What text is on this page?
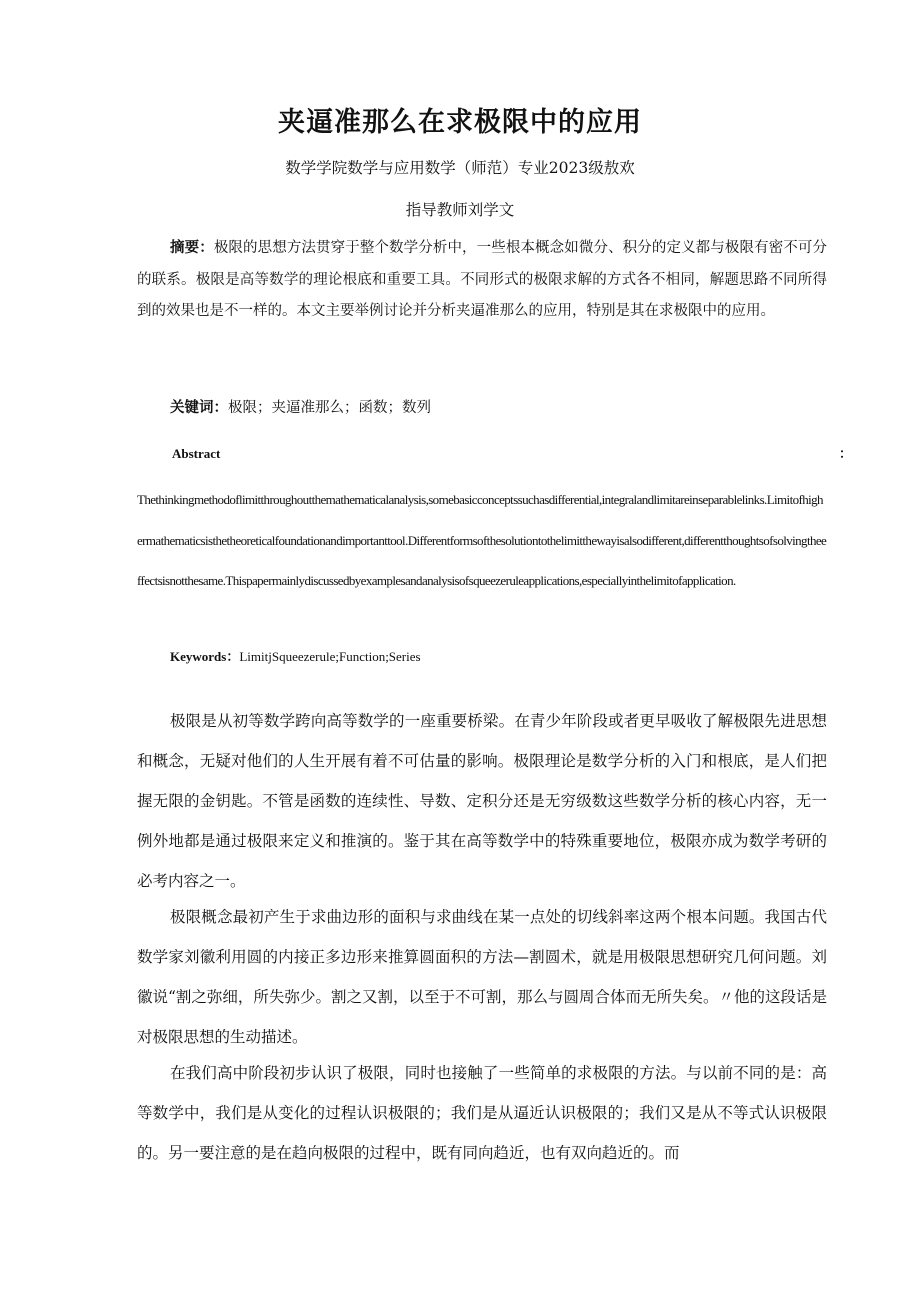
夹逼准那么在求极限中的应用

数学学院数学与应用数学（师范）专业2023级敖欢

指导教师刘学文

摘要：极限的思想方法贯穿于整个数学分析中，一些根本概念如微分、积分的定义都与极限有密不可分的联系。极限是高等数学的理论根底和重要工具。不同形式的极限求解的方式各不相同，解题思路不同所得到的效果也是不一样的。本文主要举例讨论并分析夹逼准那么的应用，特别是其在求极限中的应用。

关键词：极限；夹逼准那么；函数；数列

Abstract	：

Thethinkingmethodoflimitthroughoutthemathematicalanalysis,somebasicconceptssuchasdifferential,integralandlimitareinseparablelinks.Limitofhighermathematicsisthetheoreticalfoundationandimportanttool.Differentformsofthesolutiontothelimitthewayisalsodifferent,differentthoughtsofsolvingtheeffectsisnotthesame.Thispapermainlydiscussedbyexamplesandanalysisofsqueezeruleapplications,especiallyinthelimitofapplication.

Keywords：LimitjSqueezerule;Function;Series

极限是从初等数学跨向高等数学的一座重要桥梁。在青少年阶段或者更早吸收了解极限先进思想和概念，无疑对他们的人生开展有着不可估量的影响。极限理论是数学分析的入门和根底，是人们把握无限的金钥匙。不管是函数的连续性、导数、定积分还是无穷级数这些数学分析的核心内容，无一例外地都是通过极限来定义和推演的。鉴于其在高等数学中的特殊重要地位，极限亦成为数学考研的必考内容之一。

极限概念最初产生于求曲边形的面积与求曲线在某一点处的切线斜率这两个根本问题。我国古代数学家刘徽利用圆的内接正多边形来推算圆面积的方法—割圆术，就是用极限思想研究几何问题。刘徽说“割之弥细，所失弥少。割之又割，以至于不可割，那么与圆周合体而无所失矣。〃他的这段话是对极限思想的生动描述。

在我们高中阶段初步认识了极限，同时也接触了一些简单的求极限的方法。与以前不同的是：高等数学中，我们是从变化的过程认识极限的；我们是从逼近认识极限的；我们又是从不等式认识极限的。另一要注意的是在趋向极限的过程中，既有同向趋近，也有双向趋近的。而
